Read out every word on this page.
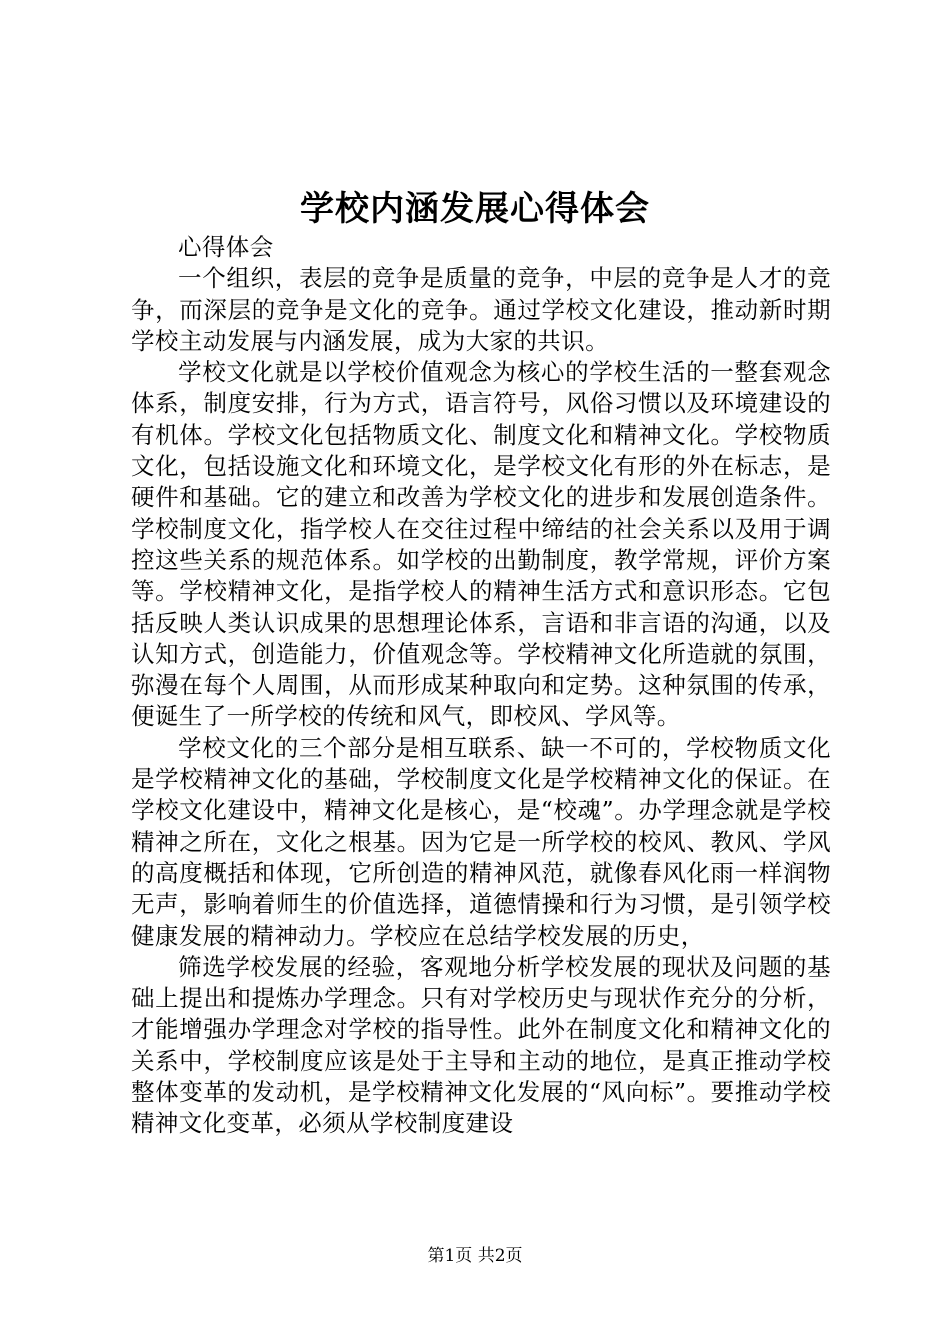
学校内涵发展心得体会

心得体会

一个组织，表层的竞争是质量的竞争，中层的竞争是人才的竞争，而深层的竞争是文化的竞争。通过学校文化建设，推动新时期学校主动发展与内涵发展，成为大家的共识。

学校文化就是以学校价值观念为核心的学校生活的一整套观念体系，制度安排，行为方式，语言符号，风俗习惯以及环境建设的有机体。学校文化包括物质文化、制度文化和精神文化。学校物质文化，包括设施文化和环境文化，是学校文化有形的外在标志，是硬件和基础。它的建立和改善为学校文化的进步和发展创造条件。学校制度文化，指学校人在交往过程中缔结的社会关系以及用于调控这些关系的规范体系。如学校的出勤制度，教学常规，评价方案等。学校精神文化，是指学校人的精神生活方式和意识形态。它包括反映人类认识成果的思想理论体系，言语和非言语的沟通，以及认知方式，创造能力，价值观念等。学校精神文化所造就的氛围，弥漫在每个人周围，从而形成某种取向和定势。这种氛围的传承，便诞生了一所学校的传统和风气，即校风、学风等。

学校文化的三个部分是相互联系、缺一不可的，学校物质文化是学校精神文化的基础，学校制度文化是学校精神文化的保证。在学校文化建设中，精神文化是核心，是“校魂”。办学理念就是学校精神之所在，文化之根基。因为它是一所学校的校风、教风、学风的高度概括和体现，它所创造的精神风范，就像春风化雨一样润物无声，影响着师生的价值选择，道德情操和行为习惯，是引领学校健康发展的精神动力。学校应在总结学校发展的历史，

筛选学校发展的经验，客观地分析学校发展的现状及问题的基础上提出和提炼办学理念。只有对学校历史与现状作充分的分析，才能增强办学理念对学校的指导性。此外在制度文化和精神文化的关系中，学校制度应该是处于主导和主动的地位，是真正推动学校整体变革的发动机，是学校精神文化发展的“风向标”。要推动学校精神文化变革，必须从学校制度建设

第1页 共2页
